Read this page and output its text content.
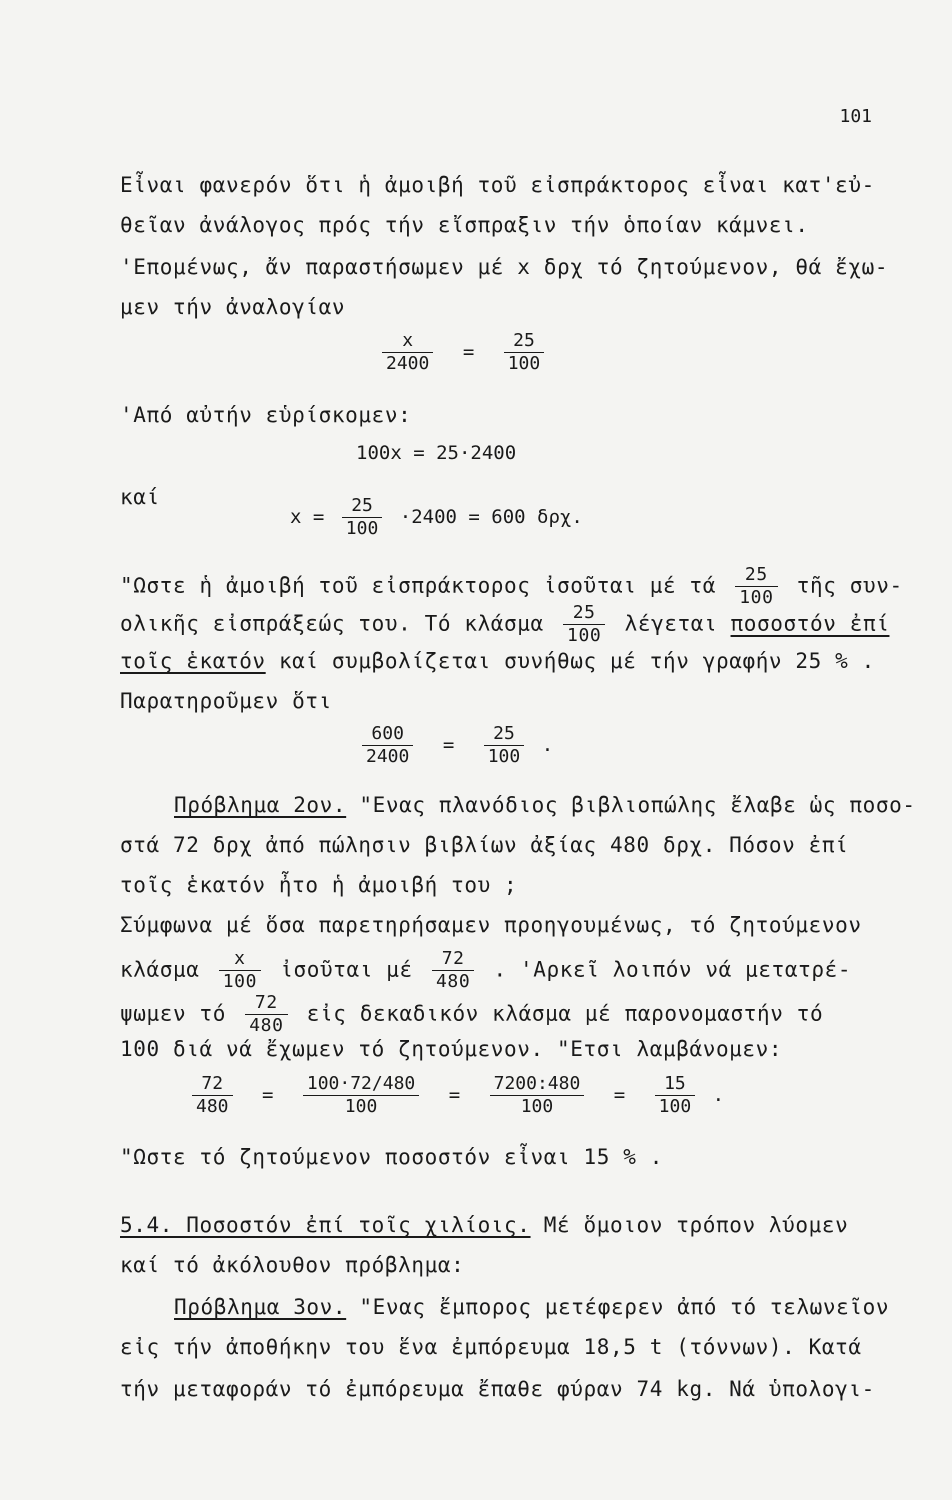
101
Εἶναι φανερόν ὅτι ἡ ἀμοιβή τοῦ εἰσπράκτορος εἶναι κατ'εὐ-
θεῖαν ἀνάλογος πρός τήν εἴσπραξιν τήν ὁποίαν κάμνει.
'Επομένως, ἄν παραστήσωμεν μέ x δρχ τό ζητούμενον, θά ἔχω-
μεν τήν ἀναλογίαν
$\frac{x}{2400} = \frac{25}{100}$
'Από αὐτήν εὑρίσκομεν:
100x = 25·2400
καί
$x = \frac{25}{100} \cdot 2400 = 600$ δρχ.
"Ωστε ἡ ἀμοιβή τοῦ εἰσπράκτορος ἰσοῦται μέ τά $\frac{25}{100}$ τῆς συν-
ολικῆς εἰσπράξεώς του. Τό κλάσμα $\frac{25}{100}$ λέγεται ποσοστόν ἐπί
τοῖς ἑκατόν καί συμβολίζεται συνήθως μέ τήν γραφήν 25 % .
Παρατηροῦμεν ὅτι
$\frac{600}{2400} = \frac{25}{100}$ .
Πρόβλημα 2ον. "Ενας πλανόδιος βιβλιοπώλης ἔλαβε ὡς ποσο-
στά 72 δρχ ἀπό πώλησιν βιβλίων ἀξίας 480 δρχ. Πόσον ἐπί
τοῖς ἑκατόν ἦτο ἡ ἀμοιβή του ;
Σύμφωνα μέ ὅσα παρετηρήσαμεν προηγουμένως, τό ζητούμενον
κλάσμα $\frac{x}{100}$ ἰσοῦται μέ $\frac{72}{480}$ . 'Αρκεῖ λοιπόν νά μετατρέ-
ψωμεν τό $\frac{72}{480}$ εἰς δεκαδικόν κλάσμα μέ παρονομαστήν τό
100 διά νά ἔχωμεν τό ζητούμενον. "Ετσι λαμβάνομεν:
$\frac{72}{480} = \frac{100\cdot 72/480}{100} = \frac{7200:480}{100} = \frac{15}{100}$ .
"Ωστε τό ζητούμενον ποσοστόν εἶναι 15 % .
5.4. Ποσοστόν ἐπί τοῖς χιλίοις. Μέ ὅμοιον τρόπον λύομεν
καί τό ἀκόλουθον πρόβλημα:
Πρόβλημα 3ον. "Ενας ἔμπορος μετέφερεν ἀπό τό τελωνεῖον
εἰς τήν ἀποθήκην του ἕνα ἐμπόρευμα 18,5 t (τόννων). Κατά
τήν μεταφοράν τό ἐμπόρευμα ἔπαθε φύραν 74 kg. Νά ὑπολογι-
